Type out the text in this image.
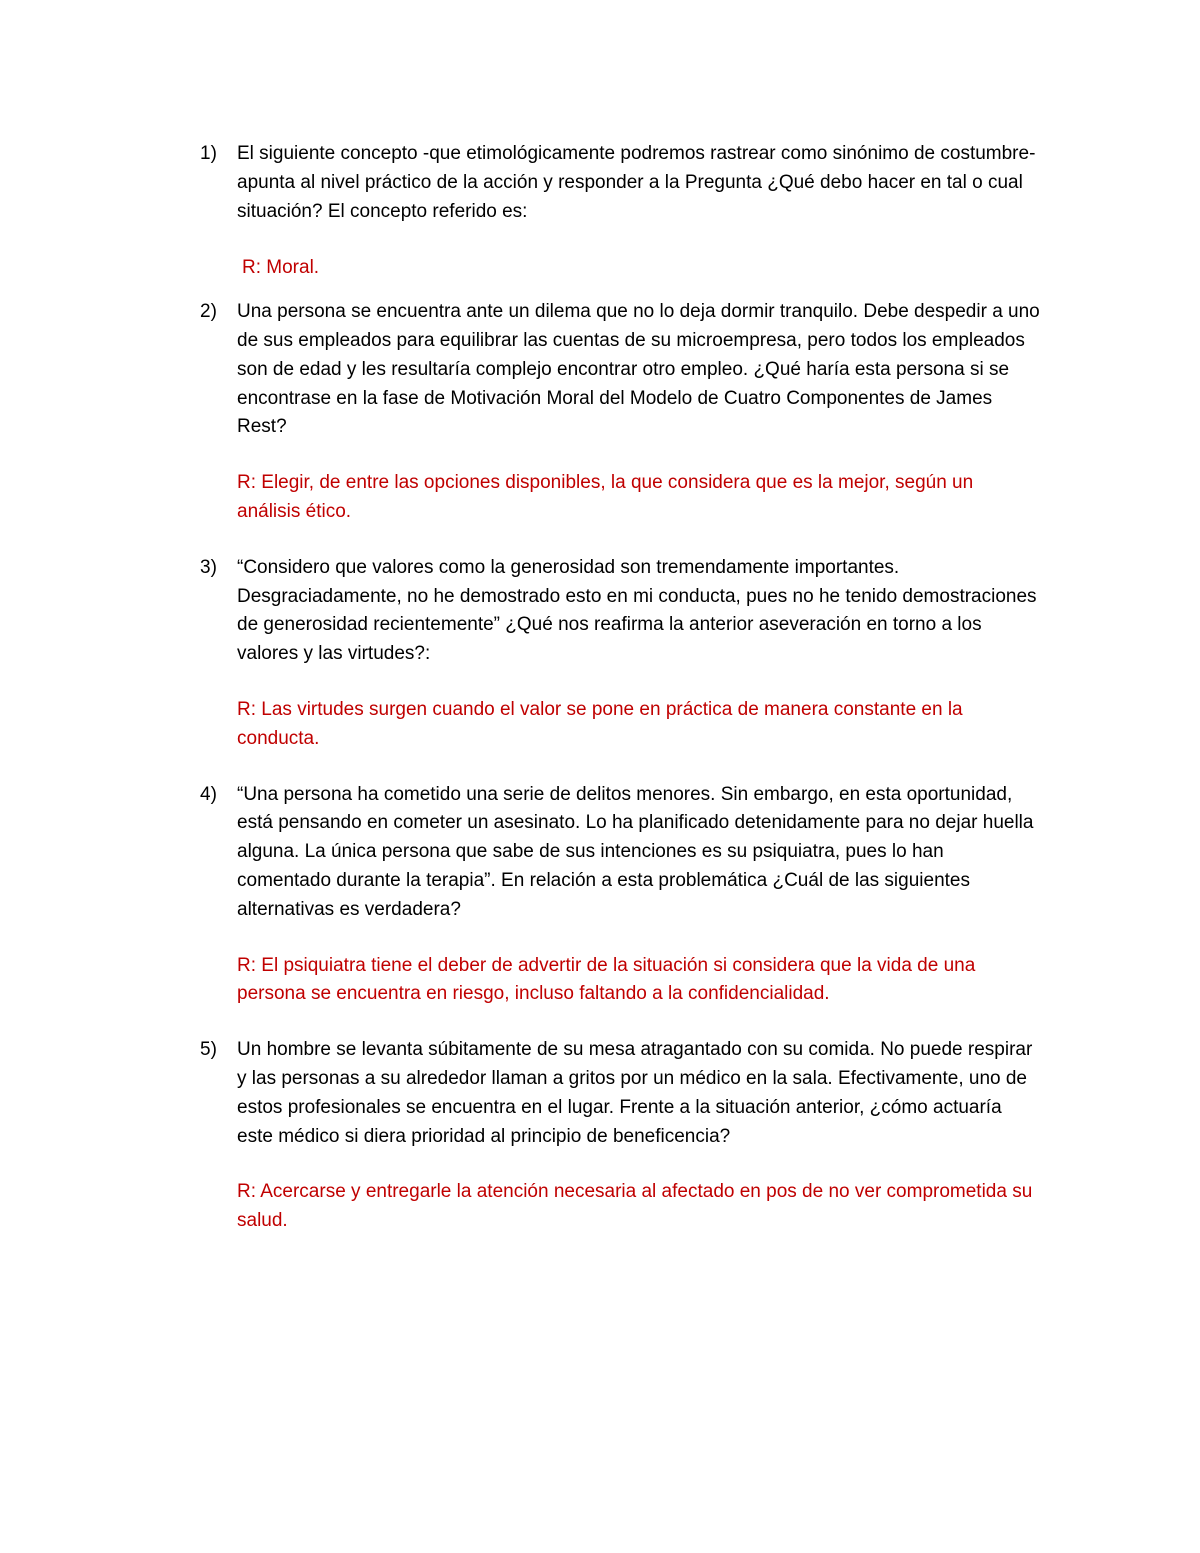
1)	El siguiente concepto -que etimológicamente podremos rastrear como sinónimo de costumbre- apunta al nivel práctico de la acción y responder a la Pregunta ¿Qué debo hacer en tal o cual situación? El concepto referido es:

R: Moral.

2)	Una persona se encuentra ante un dilema que no lo deja dormir tranquilo. Debe despedir a uno de sus empleados para equilibrar las cuentas de su microempresa, pero todos los empleados son de edad y les resultaría complejo encontrar otro empleo. ¿Qué haría esta persona si se encontrase en la fase de Motivación Moral del Modelo de Cuatro Componentes de James Rest?

R: Elegir, de entre las opciones disponibles, la que considera que es la mejor, según un análisis ético.

3)	“Considero que valores como la generosidad son tremendamente importantes. Desgraciadamente, no he demostrado esto en mi conducta, pues no he tenido demostraciones de generosidad recientemente” ¿Qué nos reafirma la anterior aseveración en torno a los valores y las virtudes?:

R: Las virtudes surgen cuando el valor se pone en práctica de manera constante en la conducta.

4)	“Una persona ha cometido una serie de delitos menores. Sin embargo, en esta oportunidad, está pensando en cometer un asesinato. Lo ha planificado detenidamente para no dejar huella alguna. La única persona que sabe de sus intenciones es su psiquiatra, pues lo han comentado durante la terapia”. En relación a esta problemática ¿Cuál de las siguientes alternativas es verdadera?

R: El psiquiatra tiene el deber de advertir de la situación si considera que la vida de una persona se encuentra en riesgo, incluso faltando a la confidencialidad.

5)	Un hombre se levanta súbitamente de su mesa atragantado con su comida. No puede respirar y las personas a su alrededor llaman a gritos por un médico en la sala. Efectivamente, uno de estos profesionales se encuentra en el lugar. Frente a la situación anterior, ¿cómo actuaría este médico si diera prioridad al principio de beneficencia?

R: Acercarse y entregarle la atención necesaria al afectado en pos de no ver comprometida su salud.
